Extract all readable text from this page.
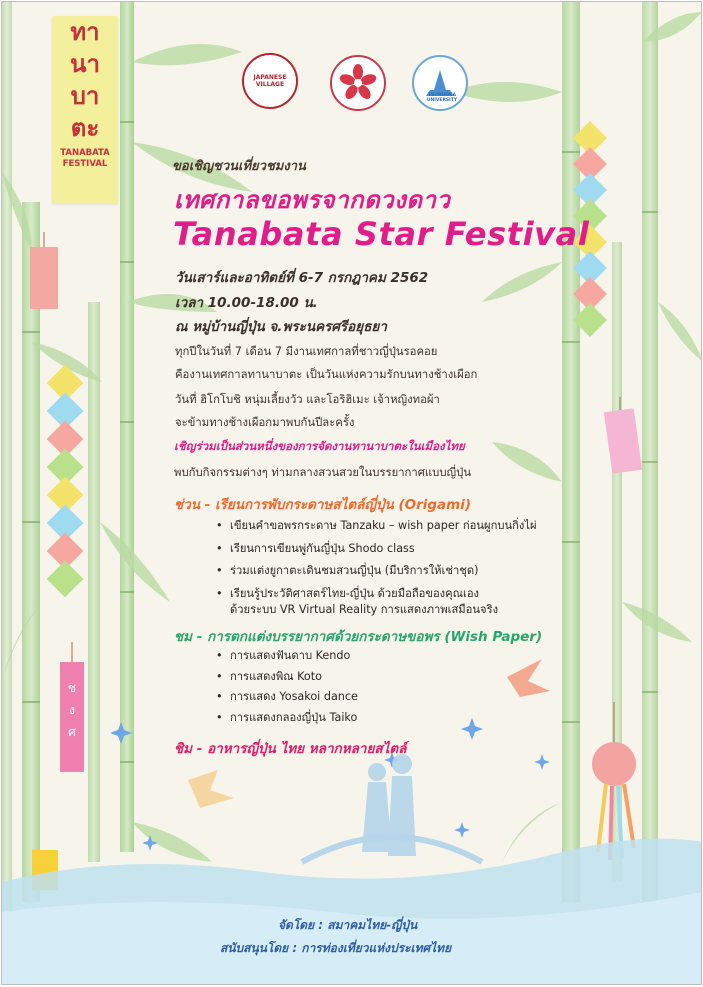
ช
ง
ศ
ทา
นา
บา
ตะ
TANABATA FESTIVAL
JAPANESE VILLAGE
TSURUOKA UNIVERSITY
ขอเชิญชวนเที่ยวชมงาน
เทศกาลขอพรจากดวงดาว
Tanabata Star Festival
วันเสาร์และอาทิตย์ที่ 6-7 กรกฎาคม 2562
เวลา 10.00-18.00 น.
ณ หมู่บ้านญี่ปุ่น จ.พระนครศรีอยุธยา
ทุกปีในวันที่ 7 เดือน 7 มีงานเทศกาลที่ชาวญี่ปุ่นรอคอย
คืองานเทศกาลทานาบาตะ เป็นวันแห่งความรักบนทางช้างเผือก
วันที่ ฮิโกโบชิ หนุ่มเลี้ยงวัว และโอริฮิเมะ เจ้าหญิงทอผ้า
จะข้ามทางช้างเผือกมาพบกันปีละครั้ง
เชิญร่วมเป็นส่วนหนึ่งของการจัดงานทานาบาตะในเมืองไทย
พบกับกิจกรรมต่างๆ ท่ามกลางสวนสวยในบรรยากาศแบบญี่ปุ่น
ช่วน - เรียนการพับกระดาษสไตล์ญี่ปุ่น (Origami)
• เขียนคำขอพรกระดาษ Tanzaku – wish paper ก่อนผูกบนกิ่งไผ่
• เรียนการเขียนพู่กันญี่ปุ่น Shodo class
• ร่วมแต่งยูกาตะเดินชมสวนญี่ปุ่น (มีบริการให้เช่าชุด)
• เรียนรู้ประวัติศาสตร์ไทย-ญี่ปุ่น ด้วยมือถือของคุณเอง
ด้วยระบบ VR Virtual Reality การแสดงภาพเสมือนจริง
ชม - การตกแต่งบรรยากาศด้วยกระดาษขอพร (Wish Paper)
• การแสดงฟันดาบ Kendo
• การแสดงพิณ Koto
• การแสดง Yosakoi dance
• การแสดงกลองญี่ปุ่น Taiko
ชิม - อาหารญี่ปุ่น ไทย หลากหลายสไตล์
จัดโดย : สมาคมไทย-ญี่ปุ่น
สนับสนุนโดย : การท่องเที่ยวแห่งประเทศไทย
